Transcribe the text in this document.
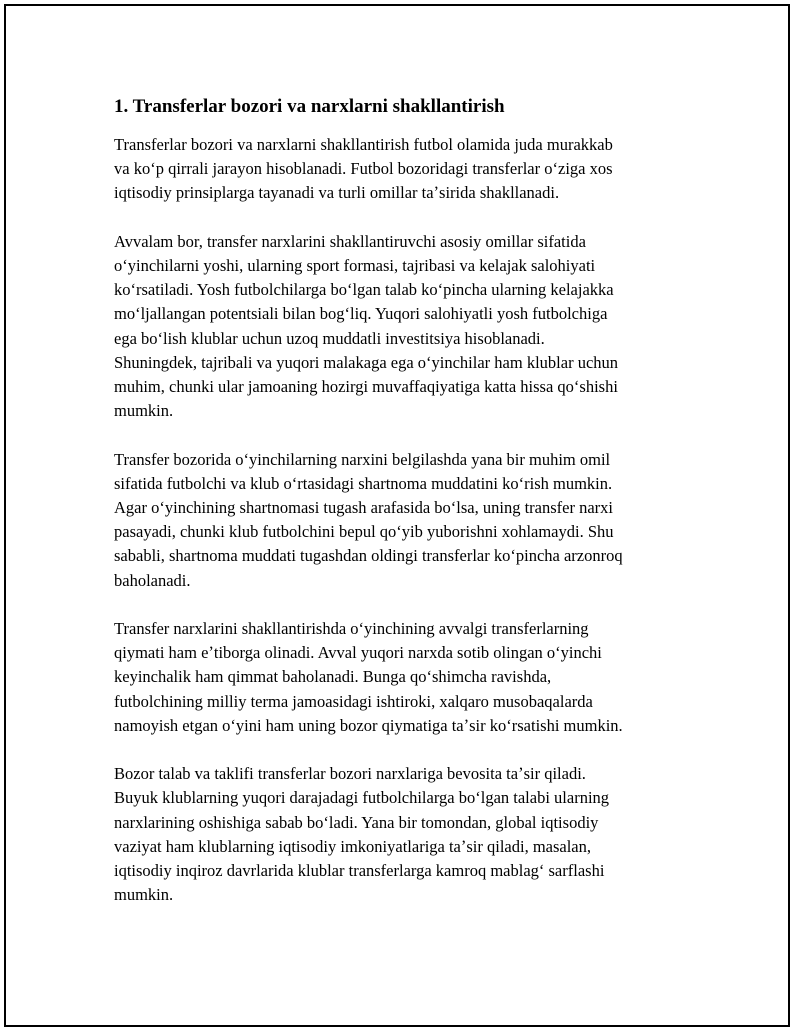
1. Transferlar bozori va narxlarni shakllantirish

Transferlar bozori va narxlarni shakllantirish futbol olamida juda murakkab
va koʻp qirrali jarayon hisoblanadi. Futbol bozoridagi transferlar oʻziga xos
iqtisodiy prinsiplarga tayanadi va turli omillar taʼsirida shakllanadi.

Avvalam bor, transfer narxlarini shakllantiruvchi asosiy omillar sifatida
oʻyinchilarni yoshi, ularning sport formasi, tajribasi va kelajak salohiyati
koʻrsatiladi. Yosh futbolchilarga boʻlgan talab koʻpincha ularning kelajakka
moʻljallangan potentsiali bilan bogʻliq. Yuqori salohiyatli yosh futbolchiga
ega boʻlish klublar uchun uzoq muddatli investitsiya hisoblanadi.
Shuningdek, tajribali va yuqori malakaga ega oʻyinchilar ham klublar uchun
muhim, chunki ular jamoaning hozirgi muvaffaqiyatiga katta hissa qoʻshishi
mumkin.

Transfer bozorida oʻyinchilarning narxini belgilashda yana bir muhim omil
sifatida futbolchi va klub oʻrtasidagi shartnoma muddatini koʻrish mumkin.
Agar oʻyinchining shartnomasi tugash arafasida boʻlsa, uning transfer narxi
pasayadi, chunki klub futbolchini bepul qoʻyib yuborishni xohlamaydi. Shu
sababli, shartnoma muddati tugashdan oldingi transferlar koʻpincha arzonroq
baholanadi.

Transfer narxlarini shakllantirishda oʻyinchining avvalgi transferlarning
qiymati ham eʼtiborga olinadi. Avval yuqori narxda sotib olingan oʻyinchi
keyinchalik ham qimmat baholanadi. Bunga qoʻshimcha ravishda,
futbolchining milliy terma jamoasidagi ishtiroki, xalqaro musobaqalarda
namoyish etgan oʻyini ham uning bozor qiymatiga taʼsir koʻrsatishi mumkin.

Bozor talab va taklifi transferlar bozori narxlariga bevosita taʼsir qiladi.
Buyuk klublarning yuqori darajadagi futbolchilarga boʻlgan talabi ularning
narxlarining oshishiga sabab boʻladi. Yana bir tomondan, global iqtisodiy
vaziyat ham klublarning iqtisodiy imkoniyatlariga taʼsir qiladi, masalan,
iqtisodiy inqiroz davrlarida klublar transferlarga kamroq mablagʻ sarflashi
mumkin.
